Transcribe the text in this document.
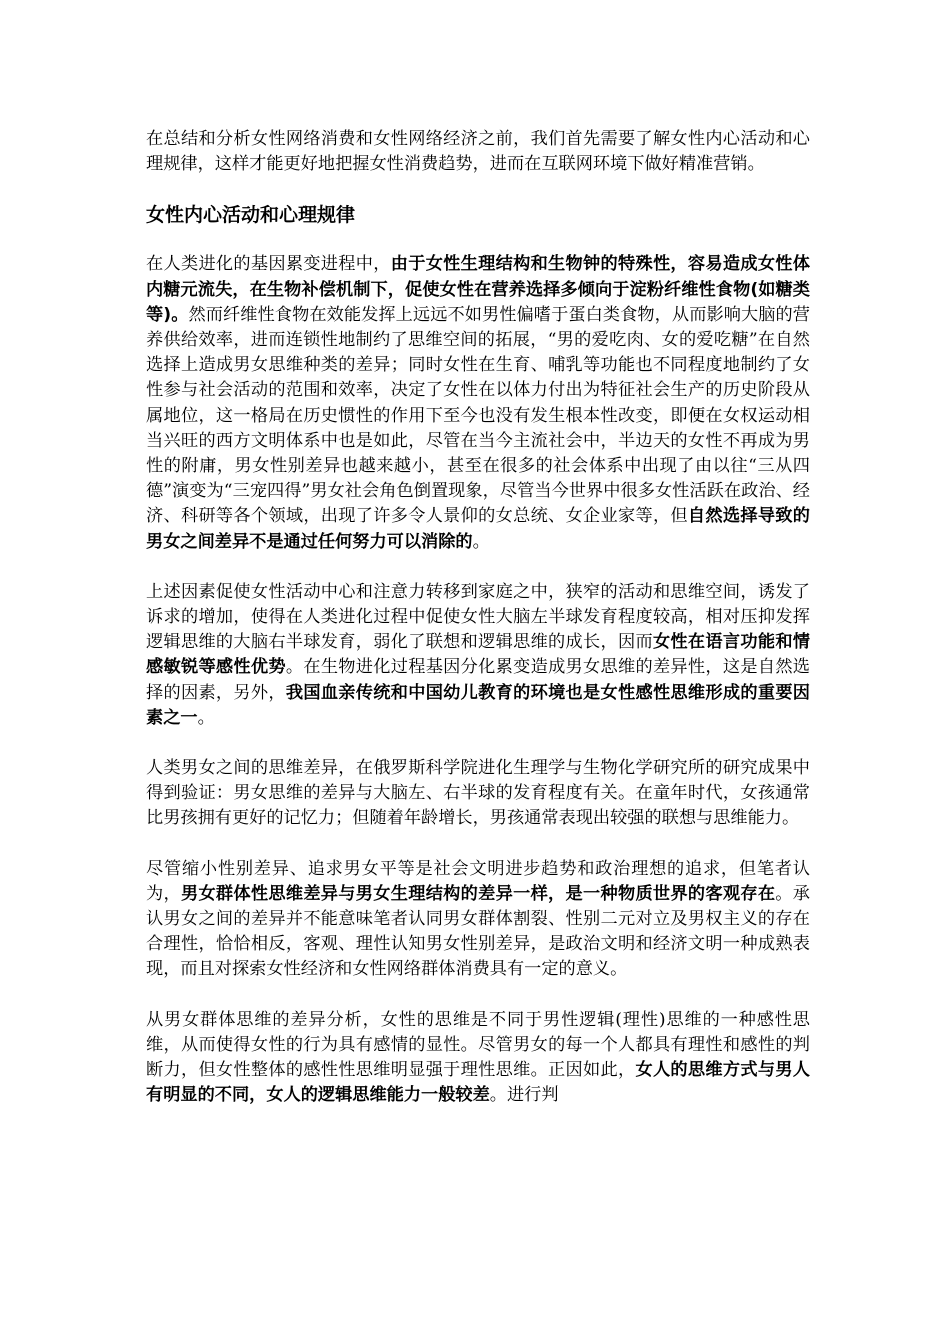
在总结和分析女性网络消费和女性网络经济之前，我们首先需要了解女性内心活动和心理规律，这样才能更好地把握女性消费趋势，进而在互联网环境下做好精准营销。

女性内心活动和心理规律

在人类进化的基因累变进程中，由于女性生理结构和生物钟的特殊性，容易造成女性体内糖元流失，在生物补偿机制下，促使女性在营养选择多倾向于淀粉纤维性食物(如糖类等)。然而纤维性食物在效能发挥上远远不如男性偏嗜于蛋白类食物，从而影响大脑的营养供给效率，进而连锁性地制约了思维空间的拓展，“男的爱吃肉、女的爱吃糖”在自然选择上造成男女思维种类的差异；同时女性在生育、哺乳等功能也不同程度地制约了女性参与社会活动的范围和效率，决定了女性在以体力付出为特征社会生产的历史阶段从属地位，这一格局在历史惯性的作用下至今也没有发生根本性改变，即便在女权运动相当兴旺的西方文明体系中也是如此，尽管在当今主流社会中，半边天的女性不再成为男性的附庸，男女性别差异也越来越小，甚至在很多的社会体系中出现了由以往“三从四德”演变为“三宠四得”男女社会角色倒置现象，尽管当今世界中很多女性活跃在政治、经济、科研等各个领域，出现了许多令人景仰的女总统、女企业家等，但自然选择导致的男女之间差异不是通过任何努力可以消除的。

上述因素促使女性活动中心和注意力转移到家庭之中，狭窄的活动和思维空间，诱发了诉求的增加，使得在人类进化过程中促使女性大脑左半球发育程度较高，相对压抑发挥逻辑思维的大脑右半球发育，弱化了联想和逻辑思维的成长，因而女性在语言功能和情感敏锐等感性优势。在生物进化过程基因分化累变造成男女思维的差异性，这是自然选择的因素，另外，我国血亲传统和中国幼儿教育的环境也是女性感性思维形成的重要因素之一。

人类男女之间的思维差异，在俄罗斯科学院进化生理学与生物化学研究所的研究成果中得到验证：男女思维的差异与大脑左、右半球的发育程度有关。在童年时代，女孩通常比男孩拥有更好的记忆力；但随着年龄增长，男孩通常表现出较强的联想与思维能力。

尽管缩小性别差异、追求男女平等是社会文明进步趋势和政治理想的追求，但笔者认为，男女群体性思维差异与男女生理结构的差异一样，是一种物质世界的客观存在。承认男女之间的差异并不能意味笔者认同男女群体割裂、性别二元对立及男权主义的存在合理性，恰恰相反，客观、理性认知男女性别差异，是政治文明和经济文明一种成熟表现，而且对探索女性经济和女性网络群体消费具有一定的意义。

从男女群体思维的差异分析，女性的思维是不同于男性逻辑(理性)思维的一种感性思维，从而使得女性的行为具有感情的显性。尽管男女的每一个人都具有理性和感性的判断力，但女性整体的感性性思维明显强于理性思维。正因如此，女人的思维方式与男人有明显的不同，女人的逻辑思维能力一般较差。进行判
